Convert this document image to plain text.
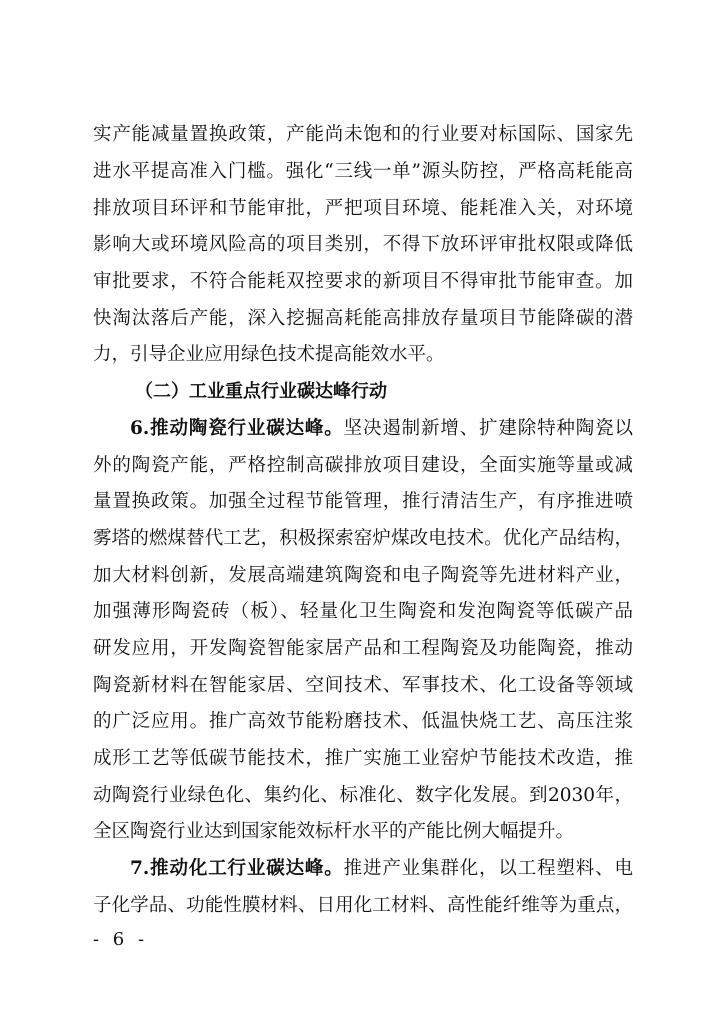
实产能减量置换政策，产能尚未饱和的行业要对标国际、国家先
进水平提高准入门槛。强化“三线一单”源头防控，严格高耗能高
排放项目环评和节能审批，严把项目环境、能耗准入关，对环境
影响大或环境风险高的项目类别，不得下放环评审批权限或降低
审批要求，不符合能耗双控要求的新项目不得审批节能审查。加
快淘汰落后产能，深入挖掘高耗能高排放存量项目节能降碳的潜
力，引导企业应用绿色技术提高能效水平。
（二）工业重点行业碳达峰行动
6.推动陶瓷行业碳达峰。坚决遏制新增、扩建除特种陶瓷以
外的陶瓷产能，严格控制高碳排放项目建设，全面实施等量或减
量置换政策。加强全过程节能管理，推行清洁生产，有序推进喷
雾塔的燃煤替代工艺，积极探索窑炉煤改电技术。优化产品结构，
加大材料创新，发展高端建筑陶瓷和电子陶瓷等先进材料产业，
加强薄形陶瓷砖（板）、轻量化卫生陶瓷和发泡陶瓷等低碳产品
研发应用，开发陶瓷智能家居产品和工程陶瓷及功能陶瓷，推动
陶瓷新材料在智能家居、空间技术、军事技术、化工设备等领域
的广泛应用。推广高效节能粉磨技术、低温快烧工艺、高压注浆
成形工艺等低碳节能技术，推广实施工业窑炉节能技术改造，推
动陶瓷行业绿色化、集约化、标准化、数字化发展。到2030年，
全区陶瓷行业达到国家能效标杆水平的产能比例大幅提升。
7.推动化工行业碳达峰。推进产业集群化，以工程塑料、电
子化学品、功能性膜材料、日用化工材料、高性能纤维等为重点，
- 6 -
